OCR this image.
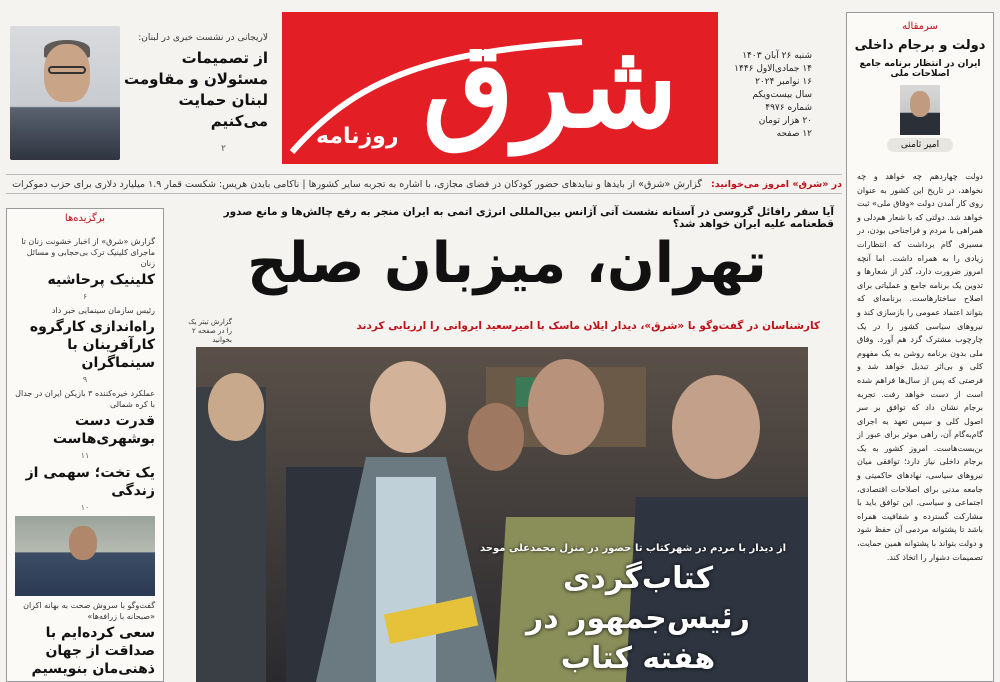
لاریجانی در نشست خبری در لبنان:
از تصمیمات مسئولان و مقاومت لبنان حمایت می‌کنیم
۲ شرق
روزنامه
شنبه ۲۶ آبان ۱۴۰۳
۱۴ جمادی‌الاول ۱۴۴۶
۱۶ نوامبر ۲۰۲۴
سال بیست‌ویکم
شماره ۴۹۷۶
۲۰ هزار تومان
۱۲ صفحه
سرمقاله
دولت و برجام داخلی
ایران در انتظار برنامه جامع اصلاحات ملی
امیر ثامنی
دولت چهاردهم چه خواهد و چه نخواهد، در تاریخ این کشور به عنوان روی کار آمدن دولت «وفاق ملی» ثبت خواهد شد. دولتی که با شعار هم‌دلی و همراهی با مردم و فراجناحی بودن، در مسیری گام برداشت که انتظارات زیادی را به همراه داشت. اما آنچه امروز ضرورت دارد، گذر از شعارها و تدوین یک برنامه جامع و عملیاتی برای اصلاح ساختارهاست. برنامه‌ای که بتواند اعتماد عمومی را بازسازی کند و نیروهای سیاسی کشور را در یک چارچوب مشترک گرد هم آورد. وفاق ملی بدون برنامه روشن به یک مفهوم کلی و بی‌اثر تبدیل خواهد شد و فرصتی که پس از سال‌ها فراهم شده است از دست خواهد رفت. تجربه برجام نشان داد که توافق بر سر اصول کلی و سپس تعهد به اجرای گام‌به‌گام آن، راهی موثر برای عبور از بن‌بست‌هاست. امروز کشور به یک برجام داخلی نیاز دارد؛ توافقی میان نیروهای سیاسی، نهادهای حاکمیتی و جامعه مدنی برای اصلاحات اقتصادی، اجتماعی و سیاسی. این توافق باید با مشارکت گسترده و شفافیت همراه باشد تا پشتوانه مردمی آن حفظ شود و دولت بتواند با پشتوانه همین حمایت، تصمیمات دشوار را اتخاذ کند.
در «شرق» امروز می‌خوانید: گزارش «شرق» از بایدها و نبایدهای حضور کودکان در فضای مجازی، با اشاره به تجربه سایر کشورها | ناکامی بایدن هریس: شکست قمار ۱.۹ میلیارد دلاری برای حزب دموکرات
برگزیده‌ها
گزارش «شرق» از اخبار خشونت زنان تا ماجرای کلینیک ترک بی‌حجابی و مسائل زنان
کلینیک پرحاشیه
۶
رئیس سازمان سینمایی خبر داد
راه‌اندازی کارگروه کارآفرینان با سینماگران
۹
عملکرد خیره‌کننده ۳ بازیکن ایران در جدال با کره شمالی
قدرت دست بوشهری‌هاست
۱۱
یک تخت؛ سهمی از زندگی
۱۰
گفت‌وگو با سروش صحت به بهانه اکران «صبحانه با زرافه‌ها»
سعی کرده‌ایم با صداقت از جهان ذهنی‌مان بنویسیم
آیا سفر رافائل گروسی در آستانه نشست آتی آژانس بین‌المللی انرژی اتمی به ایران منجر به رفع چالش‌ها و مانع صدور قطعنامه علیه ایران خواهد شد؟
تهران، میزبان صلح
گزارش تیتر یک را در صفحه ۲ بخوانید
کارشناسان در گفت‌وگو با «شرق»، دیدار ایلان ماسک با امیرسعید ایروانی را ارزیابی کردند
از دیدار با مردم در شهرکتاب تا حضور در منزل محمدعلی موحد
کتاب‌گردی رئیس‌جمهور در هفته کتاب
